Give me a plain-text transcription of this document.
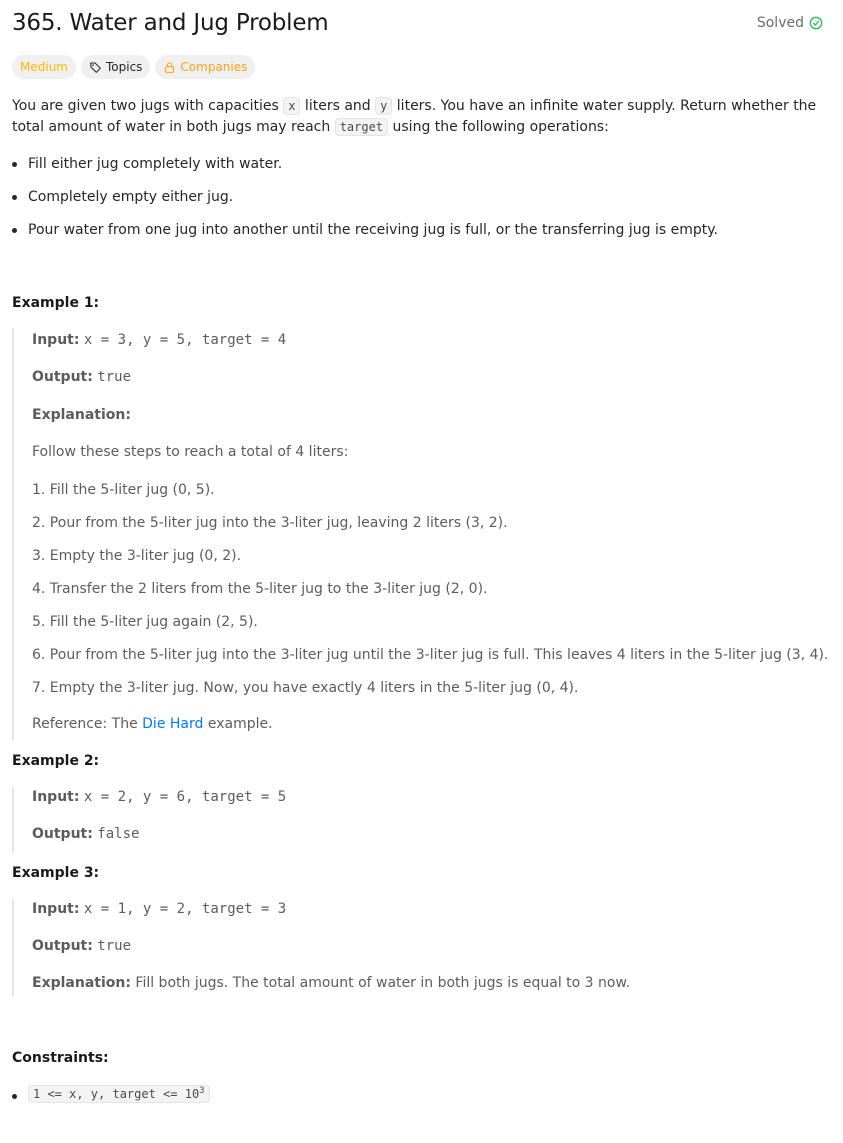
365. Water and Jug Problem	Solved
Medium	Topics	Companies

You are given two jugs with capacities x liters and y liters. You have an infinite water supply. Return whether the total amount of water in both jugs may reach target using the following operations:

Fill either jug completely with water.
Completely empty either jug.
Pour water from one jug into another until the receiving jug is full, or the transferring jug is empty.
Example 1:
Input: x = 3, y = 5, target = 4
Output: true
Explanation:
Follow these steps to reach a total of 4 liters:
1. Fill the 5-liter jug (0, 5).
2. Pour from the 5-liter jug into the 3-liter jug, leaving 2 liters (3, 2).
3. Empty the 3-liter jug (0, 2).
4. Transfer the 2 liters from the 5-liter jug to the 3-liter jug (2, 0).
5. Fill the 5-liter jug again (2, 5).
6. Pour from the 5-liter jug into the 3-liter jug until the 3-liter jug is full. This leaves 4 liters in the 5-liter jug (3, 4).
7. Empty the 3-liter jug. Now, you have exactly 4 liters in the 5-liter jug (0, 4).
Reference: The Die Hard example.
Example 2:
Input: x = 2, y = 6, target = 5
Output: false
Example 3:
Input: x = 1, y = 2, target = 3
Output: true
Explanation: Fill both jugs. The total amount of water in both jugs is equal to 3 now.
Constraints:
1 <= x, y, target <= $10^3$
